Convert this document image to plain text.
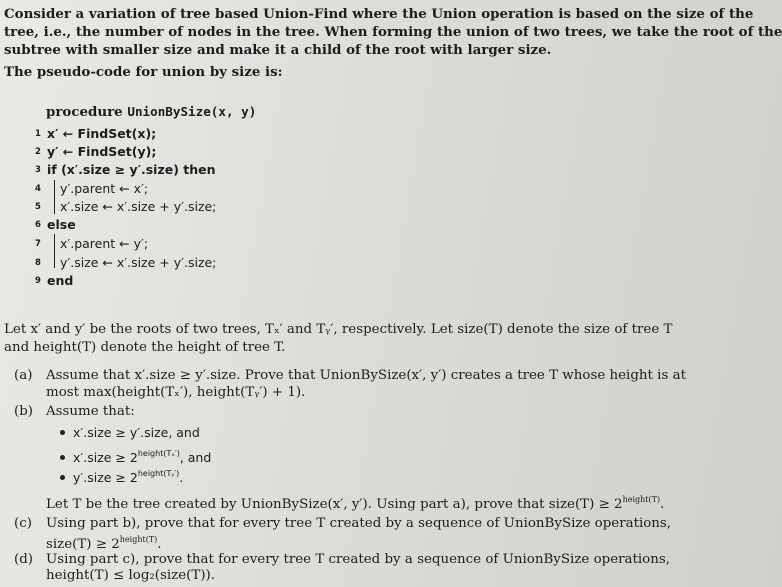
Consider a variation of tree based Union-Find where the Union operation is based on the size of the
tree, i.e., the number of nodes in the tree. When forming the union of two trees, we take the root of the
subtree with smaller size and make it a child of the root with larger size.
The pseudo-code for union by size is:
procedure UnionBySize(x, y)
1 x′ ← FindSet(x);
2 y′ ← FindSet(y);
3 if (x′.size ≥ y′.size) then
4 y′.parent ← x′;
5 x′.size ← x′.size + y′.size;
6 else
7 x′.parent ← y′;
8 y′.size ← x′.size + y′.size;
9 end
Let x′ and y′ be the roots of two trees, Tₓ′ and Tᵧ′, respectively. Let size(T) denote the size of tree T
and height(T) denote the height of tree T.
(a) Assume that x′.size ≥ y′.size. Prove that UnionBySize(x′, y′) creates a tree T whose height is at
most max(height(Tₓ′), height(Tᵧ′) + 1).
(b) Assume that:
x′.size ≥ y′.size, and
x′.size ≥ $2^{height(T_x')}$, and
y′.size ≥ $2^{height(Tᵧ')}$.
Let T be the tree created by UnionBySize(x′, y′). Using part a), prove that size(T) ≥ $2^{height(T)}$.
(c) Using part b), prove that for every tree T created by a sequence of UnionBySize operations,
size(T) ≥ $2^{height(T)}$.
(d) Using part c), prove that for every tree T created by a sequence of UnionBySize operations,
height(T) ≤ log₂(size(T)).
